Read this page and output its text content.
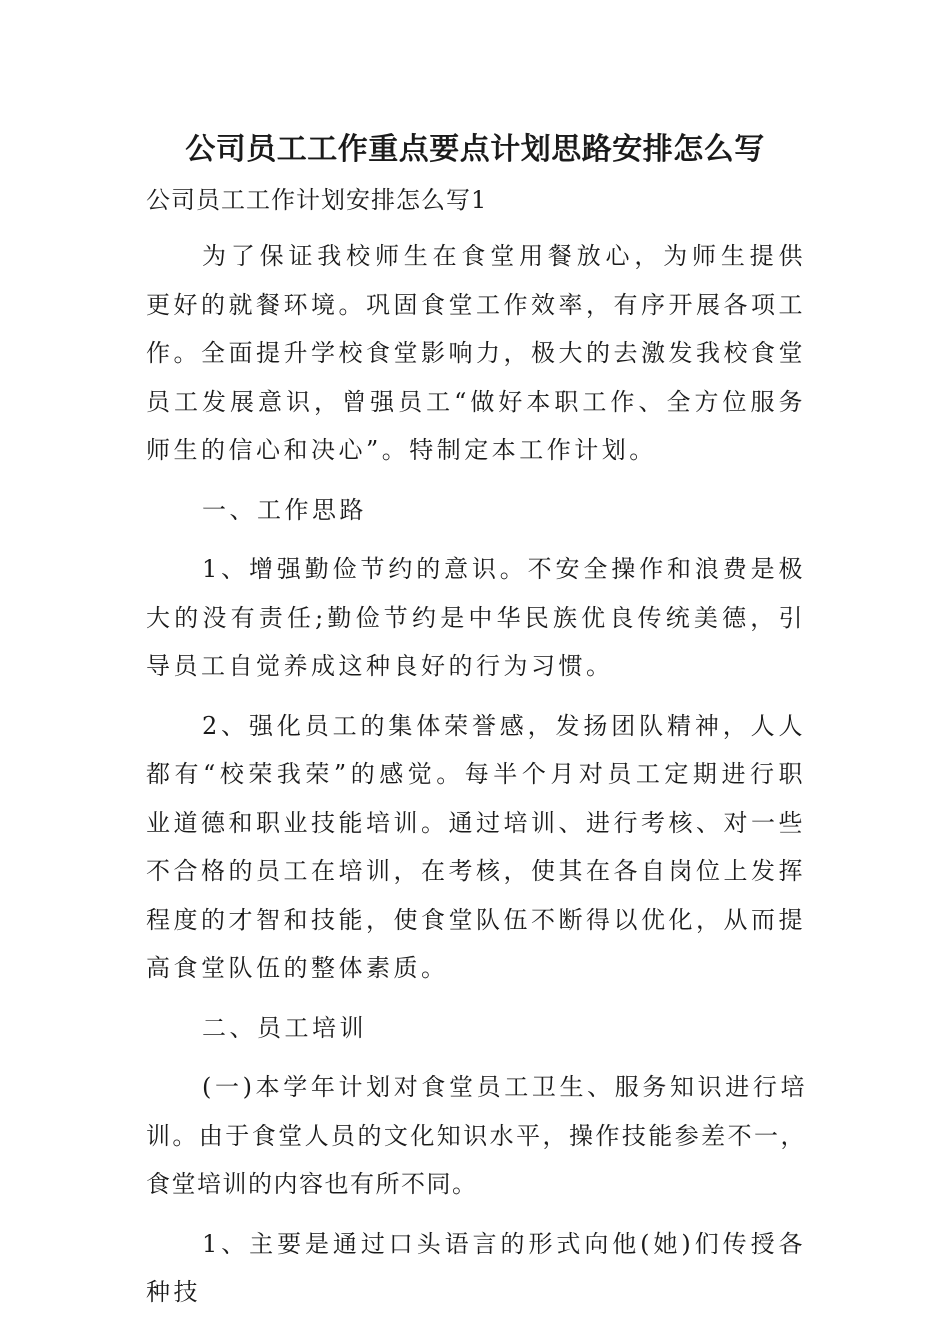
公司员工工作重点要点计划思路安排怎么写
公司员工工作计划安排怎么写1

为了保证我校师生在食堂用餐放心，为师生提供更好的就餐环境。巩固食堂工作效率，有序开展各项工作。全面提升学校食堂影响力，极大的去激发我校食堂员工发展意识，曾强员工“做好本职工作、全方位服务师生的信心和决心”。特制定本工作计划。

一、工作思路

1、增强勤俭节约的意识。不安全操作和浪费是极大的没有责任;勤俭节约是中华民族优良传统美德，引导员工自觉养成这种良好的行为习惯。

2、强化员工的集体荣誉感，发扬团队精神，人人都有“校荣我荣”的感觉。每半个月对员工定期进行职业道德和职业技能培训。通过培训、进行考核、对一些不合格的员工在培训，在考核，使其在各自岗位上发挥程度的才智和技能，使食堂队伍不断得以优化，从而提高食堂队伍的整体素质。

二、员工培训

(一)本学年计划对食堂员工卫生、服务知识进行培训。由于食堂人员的文化知识水平，操作技能参差不一，食堂培训的内容也有所不同。

1、主要是通过口头语言的形式向他(她)们传授各种技
